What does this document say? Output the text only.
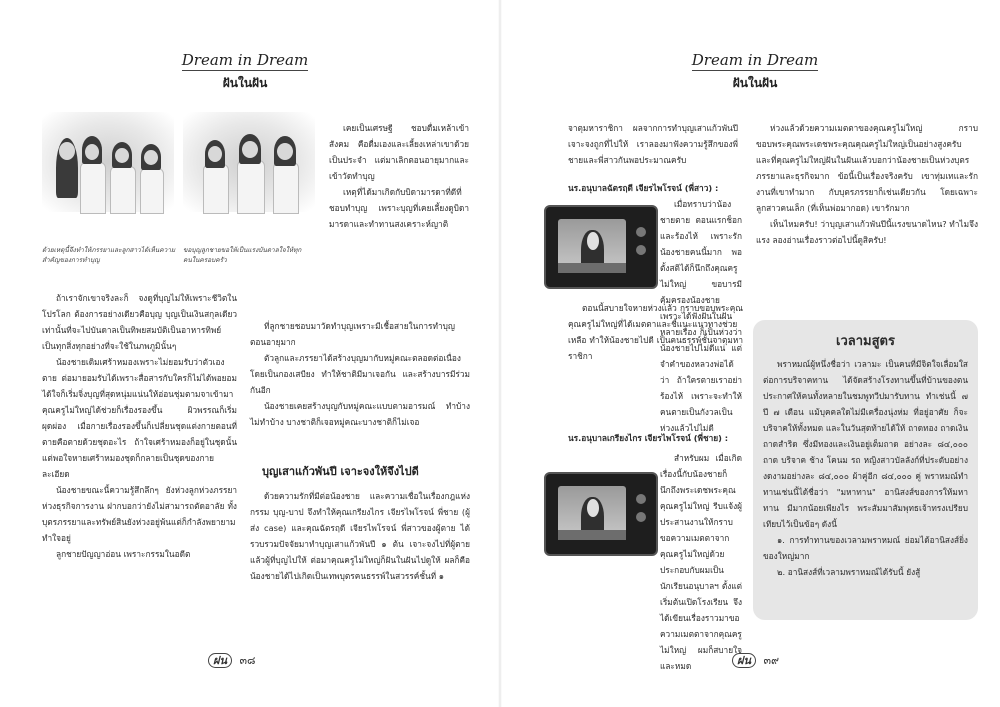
Dream in Dream
ฝันในฝัน
ด้วยเหตุนี้จึงทำให้ภรรยาและลูกสาวได้เห็นความสำคัญของการทำบุญ
ขอบุญลูกชายขอให้เป็นแรงบันดาลใจให้ทุกคนในครอบครัว

เคยเป็นเศรษฐี ชอบดื่มเหล้าเข้าสังคม คือดื่มเองและเลี้ยงเหล่าเขาด้วย เป็นประจำ แต่มาเลิกตอนอายุมากและเข้าวัดทำบุญ

เหตุที่ได้มาเกิดกับบิดามารดาที่ดีที่ชอบทำบุญ เพราะบุญที่เคยเลี้ยงดูบิดามารดาและทำทานสงเคราะห์ญาติ

ถ้าเราจักเขาจริงละก็ จงดูที่บุญไม่ให้เพราะชีวิตในโปรโลก ต้องการอย่างเดียวคือบุญ บุญเป็นเงินสกุลเดียวเท่านั้นที่จะไปบันดาลเป็นทิพยสมบัติเป็นอาหารทิพย์ เป็นทุกสิ่งทุกอย่างที่จะใช้ในภพภูมินั้นๆ

น้องชายเดิมเศร้าหมองเพราะไม่ยอมรับว่าตัวเองตาย ต่อมายอมรับได้เพราะสื่อสารกับใครก็ไม่ได้พอยอมได้ใจก็เริ่มจิ่งบุญที่สุดหนุ่มแน่นให้อ่อนชุ่มตามจาเข้ามาคุณครูไม่ใหญ่ได้ช่วยก็เรื่องรองขึ้น ผิวพรรณก็เริ่มผุดผ่อง เมื่อกายเรื่องรองขึ้นก็เปลี่ยนชุดแต่งกายตอนที่ตายคือตายด้วยชุดอะไร ถ้าใจเศร้าหมองก็อยู่ในชุดนั้นแต่พอใจหายเศร้าหมองชุดก็กลายเป็นชุดของกายละเอียด

น้องชายขณะนี้ความรู้สึกลึกๆ ยังห่วงลูกห่วงภรรยา ห่วงธุรกิจการงาน ฝากบอกว่ายังไม่สามารถตัดอาลัย ทั้งบุตรภรรยาและทรัพย์สินยังห่วงอยู่พ้นแต่ก็กำลังพยายามทำใจอยู่

ลูกชายปัญญาอ่อน เพราะกรรมในอดีต

ที่ลูกชายชอบมาวัดทำบุญเพราะมีเชื้อสายในการทำบุญตอนอายุมาก

ตัวลูกและภรรยาได้สร้างบุญมากับหมู่คณะตลอดต่อเนื่องโดยเป็นกองเสบียง ทำให้ชาติมีมาเจอกัน และสร้างบารมีร่วมกันอีก

น้องชายเคยสร้างบุญกับหมู่คณะแบบตามอารมณ์ ทำบ้างไม่ทำบ้าง บางชาติก็เจอหมู่คณะบางชาติก็ไม่เจอ

บุญเสาแก้วพันปี เจาะจงให้จึงไปดี

ด้วยความรักที่มีต่อน้องชาย และความเชื่อในเรื่องกฎแห่งกรรม บุญ-บาป จึงทำให้คุณเกรียงไกร เจียรไพโรจน์ พี่ชาย (ผู้ส่ง case) และคุณฉัตรฤดี เจียรไพโรจน์ พี่สาวของผู้ตาย ได้รวบรวมปัจจัยมาทำบุญเสาแก้วพันปี ๑ ต้น เจาะจงไปที่ผู้ตาย แล้วผู้ที่บุญไปให้ ต่อมาคุณครูไม่ใหญ่ก็ฝันในฝันไปดูให้ ผลก็คือ น้องชายได้ไปเกิดเป็นเทพบุตรคนธรรพ์ในสวรรค์ชั้นที่ ๑

ฝน ๓๘
Dream in Dream
ฝันในฝัน

จาตุมหาราชิกา ผลจากการทำบุญเสาแก้วพันปี เจาะจงถูกที่ไปให้ เราลองมาฟังความรู้สึกของพี่ชายและพี่สาวกันพอประมาณครับ

นร.อนุบาลฉัตรฤดี เจียรไพโรจน์ (พี่สาว) :

เมื่อทราบว่าน้องชายตาย ตอนแรกช็อก และร้องไห้ เพราะรักน้องชายคนนี้มาก พอตั้งสติได้ก็นึกถึงคุณครูไม่ใหญ่ ขอบารมีคุ้มครองน้องชาย เพราะได้ฟังฝันในฝันหลายเรื่อง ก็เป็นห่วงว่าน้องชายไปไม่ดีแน่ แต่จำคำของหลวงพ่อได้ว่า ถ้าใครตายเราอย่าร้องไห้ เพราะจะทำให้คนตายเป็นกังวลเป็นห่วงแล้วไปไม่ดี

ตอนนี้สบายใจหายห่วงแล้ว กราบขอบพระคุณคุณครูไม่ใหญ่ที่ได้เมตตาและชี้แนะแนวทางช่วยเหลือ ทำให้น้องชายไปดี เป็นคนธรรพ์ชั้นจาตุมหาราชิกา

นร.อนุบาลเกรียงไกร เจียรไพโรจน์ (พี่ชาย) :

สำหรับผม เมื่อเกิดเรื่องนี้กับน้องชายก็นึกถึงพระเดชพระคุณคุณครูไม่ใหญ่ รีบแจ้งผู้ประสานงานให้กราบขอความเมตตาจากคุณครูไม่ใหญ่ด้วย ประกอบกับผมเป็นนักเรียนอนุบาลฯ ตั้งแต่เริ่มต้นเปิดโรงเรียน จึงได้เขียนเรื่องราวมาขอความเมตตาจากคุณครูไม่ใหญ่ ผมก็สบายใจและหมด

ห่วงแล้วด้วยความเมตตาของคุณครูไม่ใหญ่ กราบขอบพระคุณพระเดชพระคุณคุณครูไม่ใหญ่เป็นอย่างสูงครับ และที่คุณครูไม่ใหญ่ฝันในฝันแล้วบอกว่าน้องชายเป็นห่วงบุตรภรรยาและธุรกิจมาก ข้อนี้เป็นเรื่องจริงครับ เขาทุ่มเทและรักงานที่เขาทำมาก กับบุตรภรรยาก็เช่นเดียวกัน โดยเฉพาะลูกสาวคนเล็ก (ที่เห็นพ่อมากอด) เขารักมาก

เห็นไหมครับ! ว่าบุญเสาแก้วพันปีนี้แรงขนาดไหน? ทำไมจึงแรง ลองอ่านเรื่องราวต่อไปนี้ดูสิครับ!

เวลามสูตร

พราหมณ์ผู้หนึ่งชื่อว่า เวลามะ เป็นคนที่มีจิตใจเลื่อมใสต่อการบริจาคทาน ได้จัดสร้างโรงทานขึ้นที่บ้านของตน ประกาศให้คนทั้งหลายในชมพูทวีปมารับทาน ทำเช่นนี้ ๗ ปี ๗ เดือน แม้บุคคลใดไม่มีเครื่องนุ่งห่ม ที่อยู่อาศัย ก็จะบริจาคให้ทั้งหมด และในวันสุดท้ายได้ให้ ถาดทอง ถาดเงินถาดสำริด ซึ่งมีทองและเงินอยู่เต็มถาด อย่างละ ๘๔,๐๐๐ ถาด บริจาค ช้าง โคนม รถ หญิงสาวบัลลังก์ที่ประดับอย่างงดงามอย่างละ ๘๔,๐๐๐ ผ้าคู่อีก ๘๔,๐๐๐ คู่ พราหมณ์ทำทานเช่นนี้ได้ชื่อว่า "มหาทาน" อานิสงส์ของการให้มหาทาน มีมากน้อยเพียงไร พระสัมมาสัมพุทธเจ้าทรงเปรียบเทียบไว้เป็นข้อๆ ดังนี้

๑. การทำทานของเวลามพราหมณ์ ย่อมได้อานิสงส์ยิ่งของใหญ่มาก

๒. อานิสงส์ที่เวลามพราหมณ์ได้รับนี้ ยังสู้

ฝน ๓๙
